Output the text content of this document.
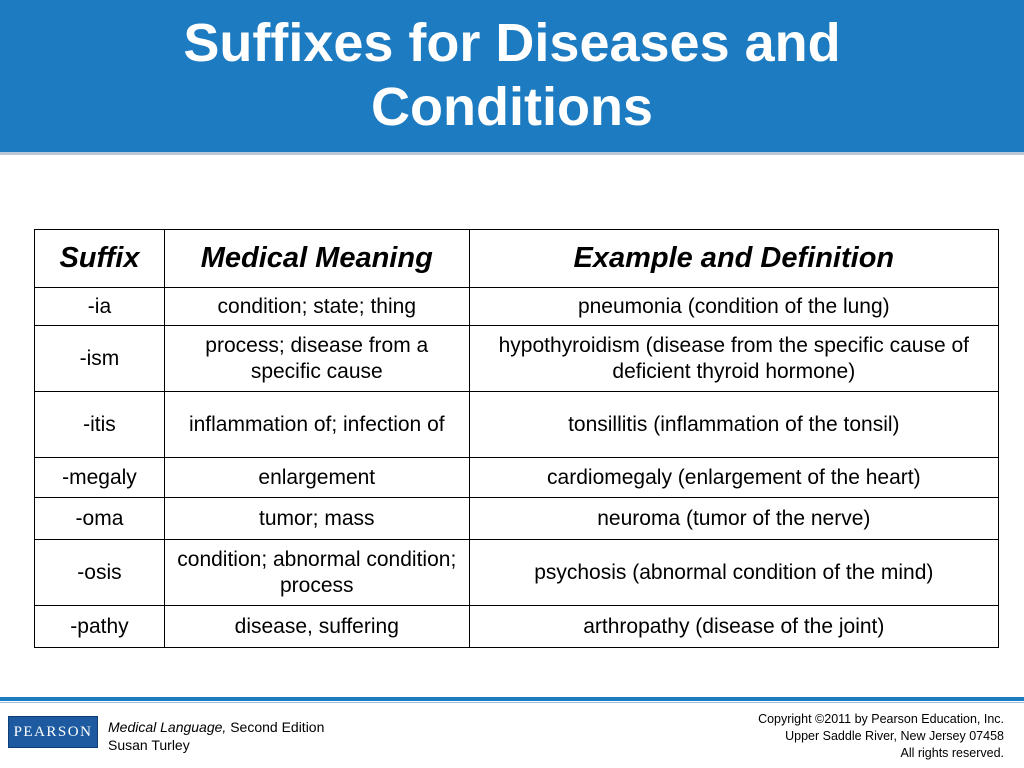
Suffixes for Diseases and Conditions
Suffix	Medical Meaning	Example and Definition
-ia	condition; state; thing	pneumonia (condition of the lung)
-ism	process; disease from a specific cause	hypothyroidism (disease from the specific cause of deficient thyroid hormone)
-itis	inflammation of; infection of	tonsillitis (inflammation of the tonsil)
-megaly	enlargement	cardiomegaly (enlargement of the heart)
-oma	tumor; mass	neuroma (tumor of the nerve)
-osis	condition; abnormal condition; process	psychosis (abnormal condition of the mind)
-pathy	disease, suffering	arthropathy (disease of the joint)
PEARSON Medical Language, Second Edition
Susan Turley
Copyright ©2011 by Pearson Education, Inc.
Upper Saddle River, New Jersey 07458
All rights reserved.
